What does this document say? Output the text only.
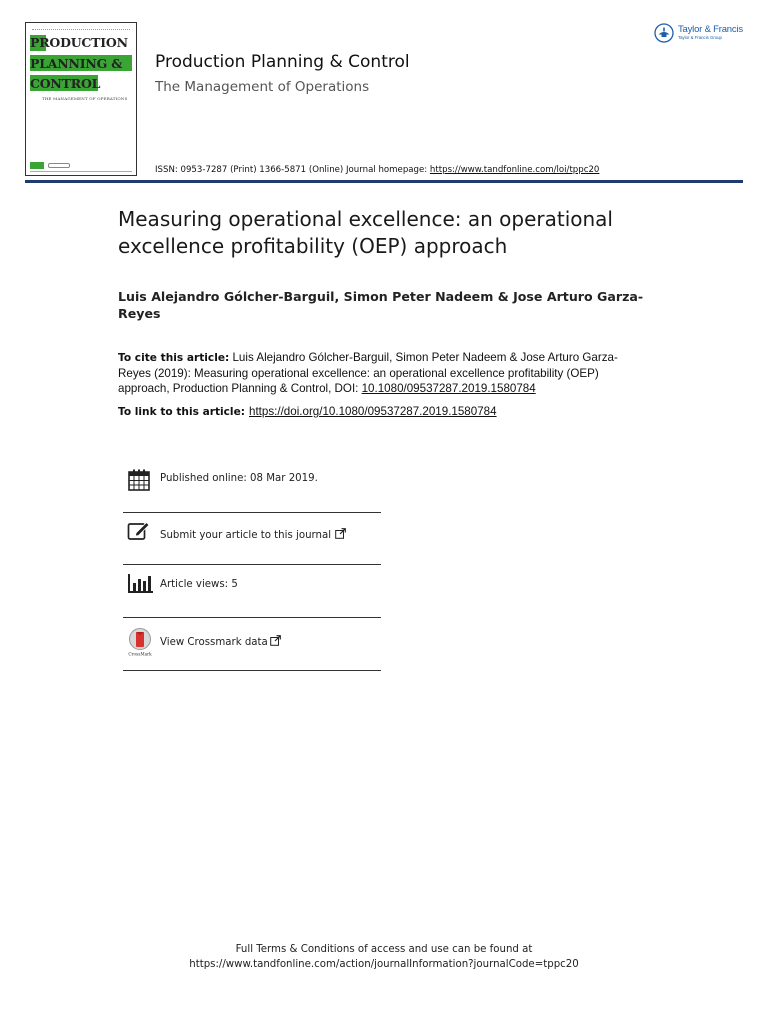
PRODUCTION
PLANNING &
CONTROL
THE MANAGEMENT OF OPERATIONS
Production Planning & Control
The Management of Operations
ISSN: 0953-7287 (Print) 1366-5871 (Online) Journal homepage: https://www.tandfonline.com/loi/tppc20
Taylor & Francis
Taylor & Francis Group
Measuring operational excellence: an operational excellence profitability (OEP) approach
Luis Alejandro Gólcher-Barguil, Simon Peter Nadeem & Jose Arturo Garza-Reyes
To cite this article: Luis Alejandro Gólcher-Barguil, Simon Peter Nadeem & Jose Arturo Garza-Reyes (2019): Measuring operational excellence: an operational excellence profitability (OEP) approach, Production Planning & Control, DOI: 10.1080/09537287.2019.1580784
To link to this article: https://doi.org/10.1080/09537287.2019.1580784
Published online: 08 Mar 2019.
Submit your article to this journal
Article views: 5
CrossMark
View Crossmark data
Full Terms & Conditions of access and use can be found at
https://www.tandfonline.com/action/journalInformation?journalCode=tppc20
